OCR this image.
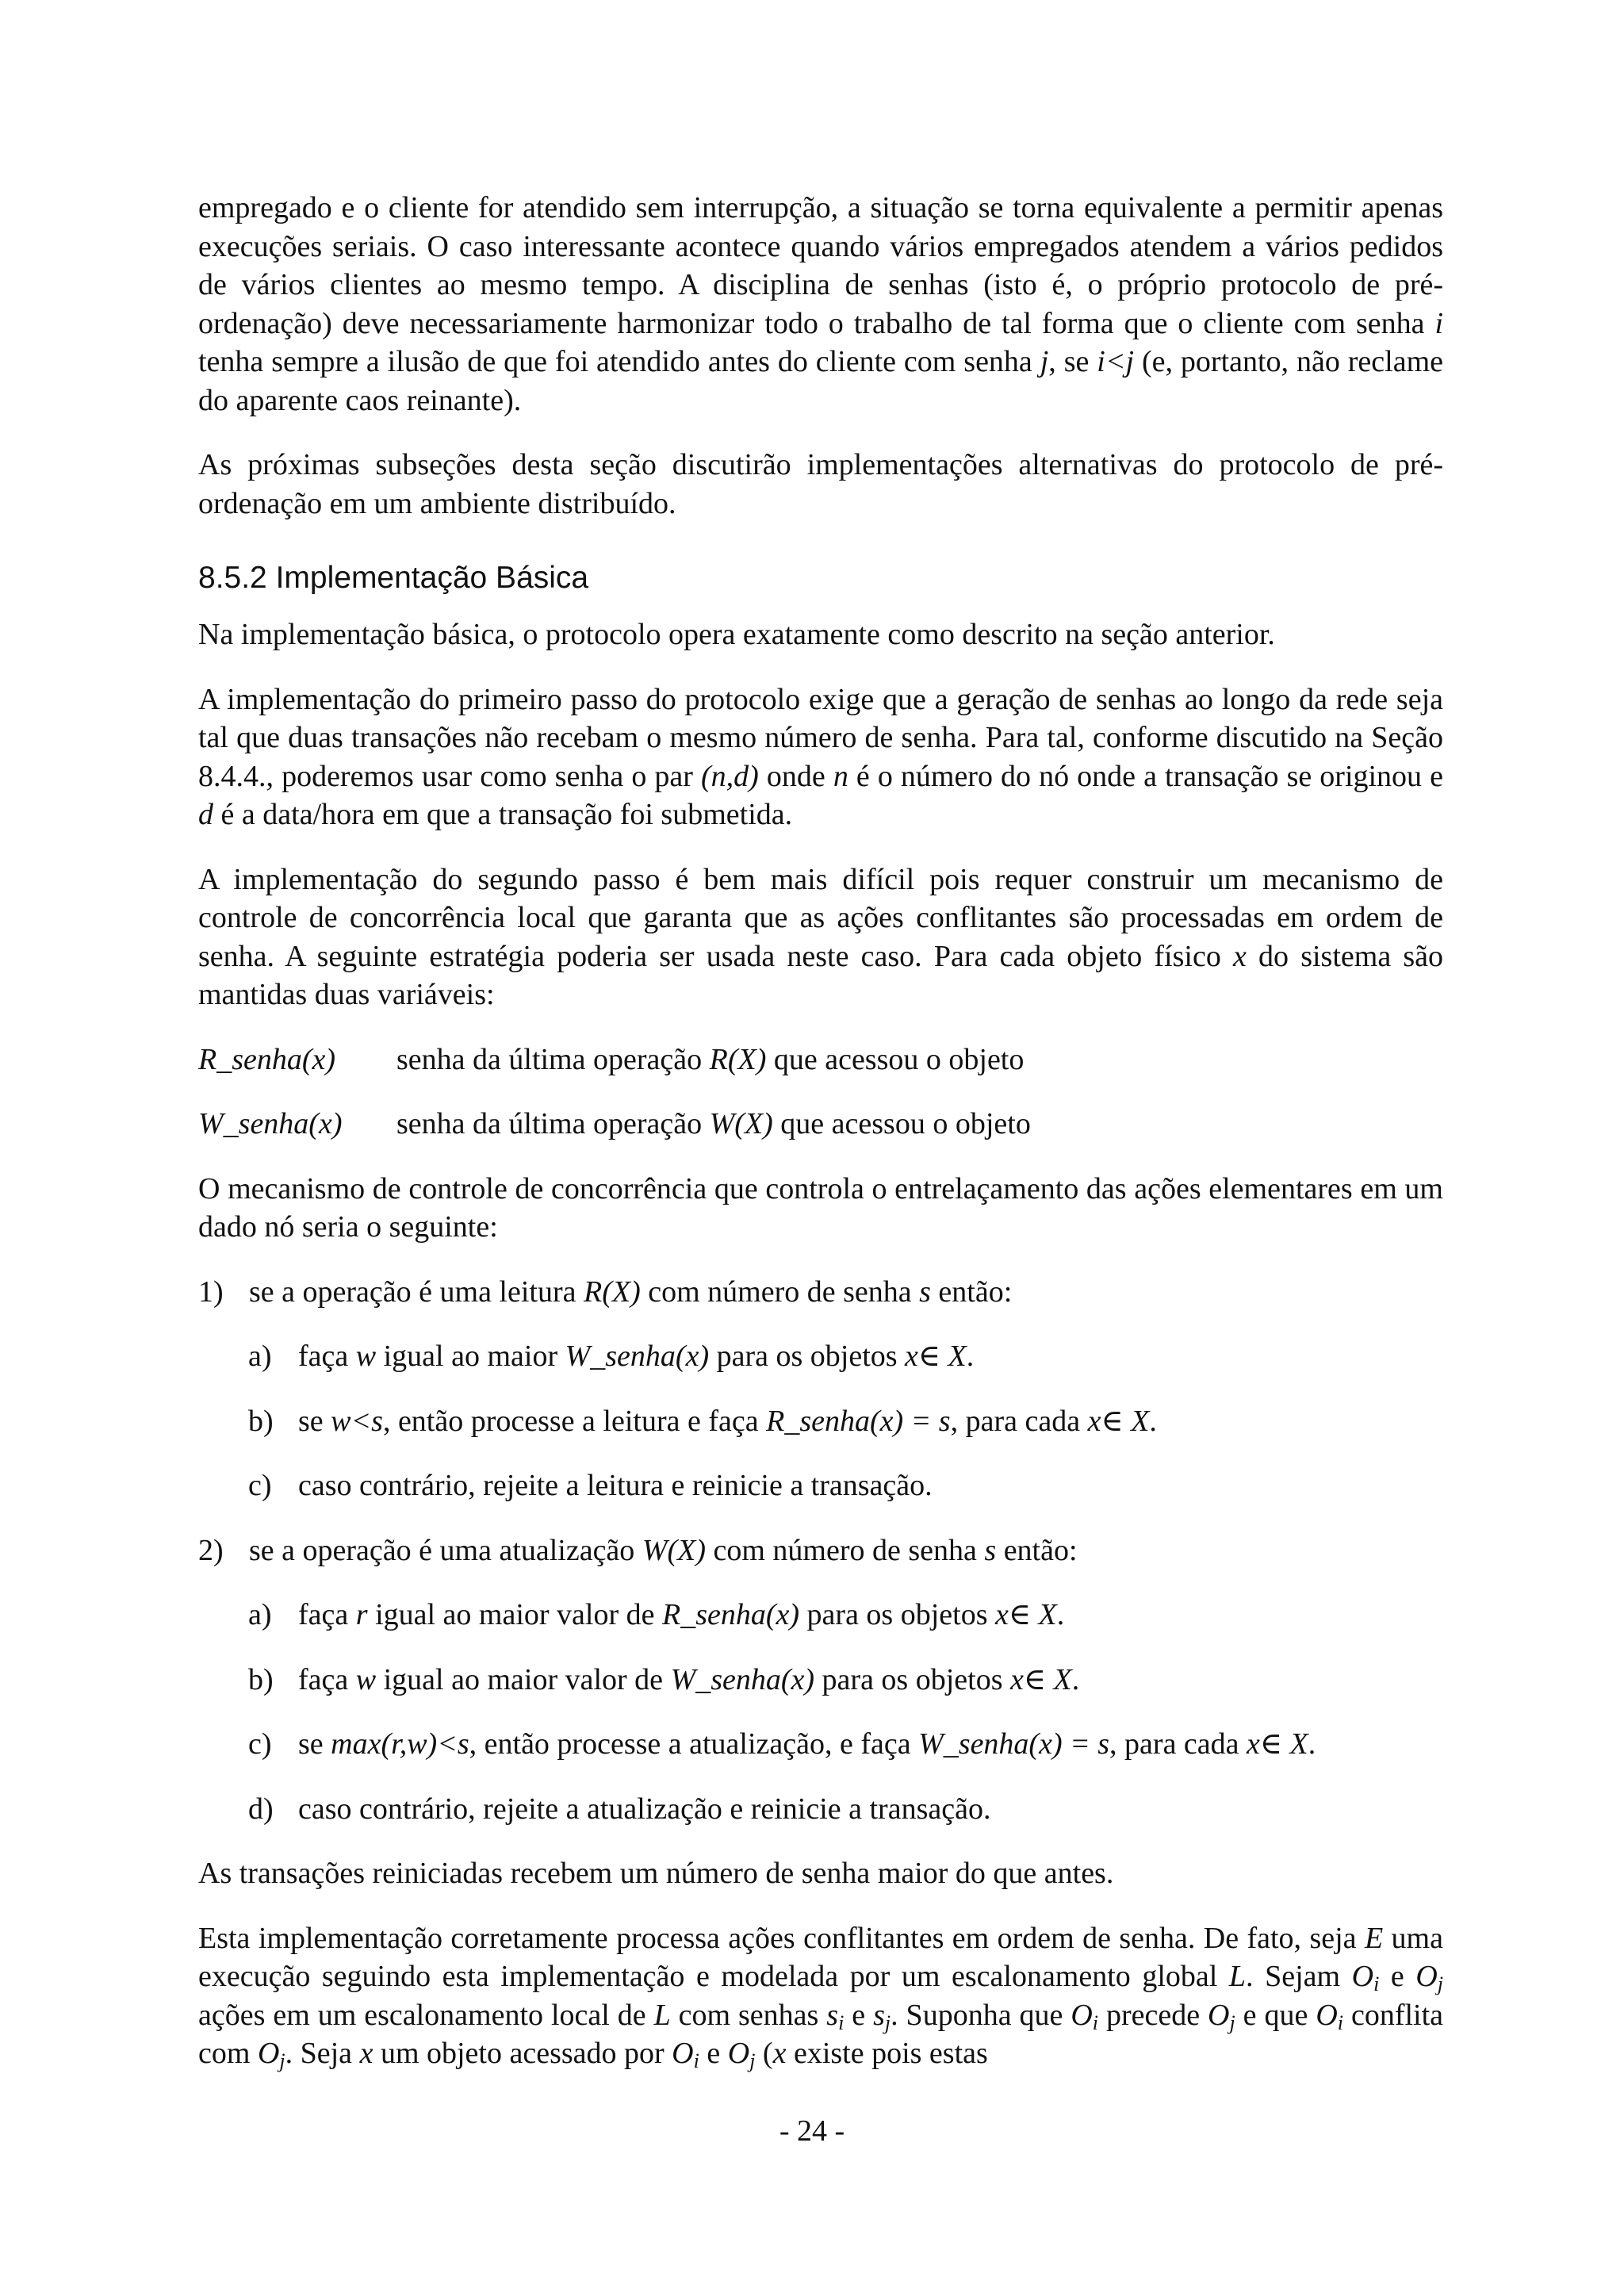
empregado e o cliente for atendido sem interrupção, a situação se torna equivalente a permitir apenas execuções seriais. O caso interessante acontece quando vários empregados atendem a vários pedidos de vários clientes ao mesmo tempo. A disciplina de senhas (isto é, o próprio protocolo de pré-ordenação) deve necessariamente harmonizar todo o trabalho de tal forma que o cliente com senha i tenha sempre a ilusão de que foi atendido antes do cliente com senha j, se i<j (e, portanto, não reclame do aparente caos reinante).

As próximas subseções desta seção discutirão implementações alternativas do protocolo de pré-ordenação em um ambiente distribuído.

8.5.2 Implementação Básica

Na implementação básica, o protocolo opera exatamente como descrito na seção anterior.

A implementação do primeiro passo do protocolo exige que a geração de senhas ao longo da rede seja tal que duas transações não recebam o mesmo número de senha. Para tal, conforme discutido na Seção 8.4.4., poderemos usar como senha o par (n,d) onde n é o número do nó onde a transação se originou e d é a data/hora em que a transação foi submetida.

A implementação do segundo passo é bem mais difícil pois requer construir um mecanismo de controle de concorrência local que garanta que as ações conflitantes são processadas em ordem de senha. A seguinte estratégia poderia ser usada neste caso. Para cada objeto físico x do sistema são mantidas duas variáveis:

R_senha(x)	senha da última operação R(X) que acessou o objeto
W_senha(x)	senha da última operação W(X) que acessou o objeto

O mecanismo de controle de concorrência que controla o entrelaçamento das ações elementares em um dado nó seria o seguinte:

1) se a operação é uma leitura R(X) com número de senha s então:
a) faça w igual ao maior W_senha(x) para os objetos x∈ X.
b) se w<s, então processe a leitura e faça R_senha(x) = s, para cada x∈ X.
c) caso contrário, rejeite a leitura e reinicie a transação.
2) se a operação é uma atualização W(X) com número de senha s então:
a) faça r igual ao maior valor de R_senha(x) para os objetos x∈ X.
b) faça w igual ao maior valor de W_senha(x) para os objetos x∈ X.
c) se max(r,w)<s, então processe a atualização, e faça W_senha(x) = s, para cada x∈ X.
d) caso contrário, rejeite a atualização e reinicie a transação.

As transações reiniciadas recebem um número de senha maior do que antes.

Esta implementação corretamente processa ações conflitantes em ordem de senha. De fato, seja E uma execução seguindo esta implementação e modelada por um escalonamento global L. Sejam $O_i$ e $O_j$ ações em um escalonamento local de L com senhas $s_i$ e $s_j$. Suponha que $O_i$ precede $O_j$ e que $O_i$ conflita com $O_j$. Seja x um objeto acessado por $O_i$ e $O_j$ (x existe pois estas

- 24 -
